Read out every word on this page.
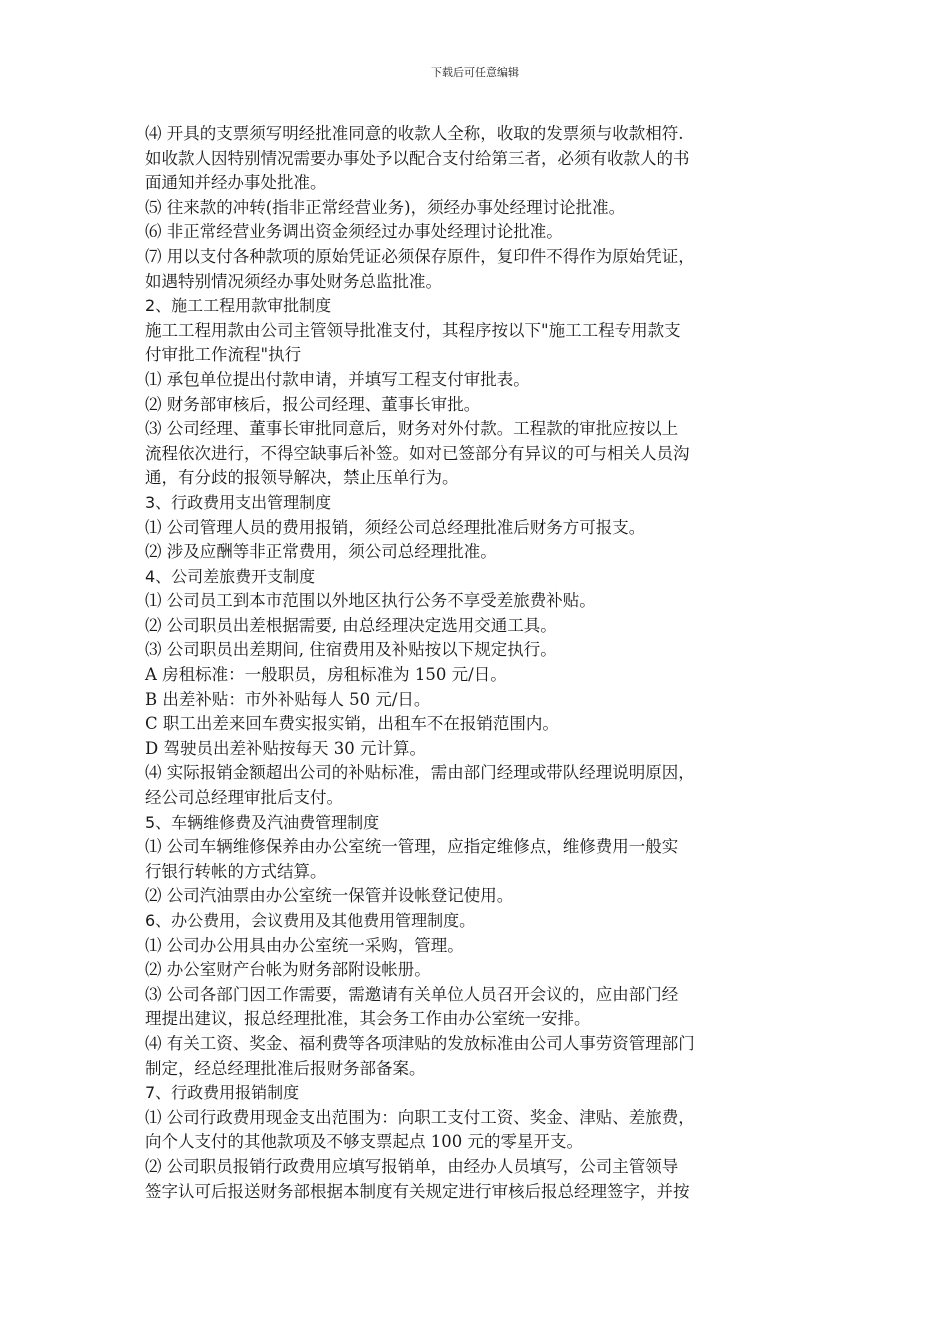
下载后可任意编辑
⑷ 开具的支票须写明经批准同意的收款人全称，收取的发票须与收款相符.
如收款人因特别情况需要办事处予以配合支付给第三者，必须有收款人的书
面通知并经办事处批准。
⑸ 往来款的冲转(指非正常经营业务)，须经办事处经理讨论批准。
⑹ 非正常经营业务调出资金须经过办事处经理讨论批准。
⑺ 用以支付各种款项的原始凭证必须保存原件，复印件不得作为原始凭证，
如遇特别情况须经办事处财务总监批准。
2、施工工程用款审批制度
施工工程用款由公司主管领导批准支付，其程序按以下"施工工程专用款支
付审批工作流程"执行
⑴ 承包单位提出付款申请，并填写工程支付审批表。
⑵ 财务部审核后，报公司经理、董事长审批。
⑶ 公司经理、董事长审批同意后，财务对外付款。工程款的审批应按以上
流程依次进行，不得空缺事后补签。如对已签部分有异议的可与相关人员沟
通，有分歧的报领导解决，禁止压单行为。
3、行政费用支出管理制度
⑴ 公司管理人员的费用报销，须经公司总经理批准后财务方可报支。
⑵ 涉及应酬等非正常费用，须公司总经理批准。
4、公司差旅费开支制度
⑴ 公司员工到本市范围以外地区执行公务不享受差旅费补贴。
⑵ 公司职员出差根据需要, 由总经理决定选用交通工具。
⑶ 公司职员出差期间, 住宿费用及补贴按以下规定执行。
A 房租标准：一般职员，房租标准为 150 元/日。
B 出差补贴：市外补贴每人 50 元/日。
C 职工出差来回车费实报实销，出租车不在报销范围内。
D 驾驶员出差补贴按每天 30 元计算。
⑷ 实际报销金额超出公司的补贴标准，需由部门经理或带队经理说明原因，
经公司总经理审批后支付。
5、车辆维修费及汽油费管理制度
⑴ 公司车辆维修保养由办公室统一管理，应指定维修点，维修费用一般实
行银行转帐的方式结算。
⑵ 公司汽油票由办公室统一保管并设帐登记使用。
6、办公费用，会议费用及其他费用管理制度。
⑴ 公司办公用具由办公室统一采购，管理。
⑵ 办公室财产台帐为财务部附设帐册。
⑶ 公司各部门因工作需要，需邀请有关单位人员召开会议的，应由部门经
理提出建议，报总经理批准，其会务工作由办公室统一安排。
⑷ 有关工资、奖金、福利费等各项津贴的发放标准由公司人事劳资管理部门
制定，经总经理批准后报财务部备案。
7、行政费用报销制度
⑴ 公司行政费用现金支出范围为：向职工支付工资、奖金、津贴、差旅费，
向个人支付的其他款项及不够支票起点 100 元的零星开支。
⑵ 公司职员报销行政费用应填写报销单，由经办人员填写，公司主管领导
签字认可后报送财务部根据本制度有关规定进行审核后报总经理签字，并按
